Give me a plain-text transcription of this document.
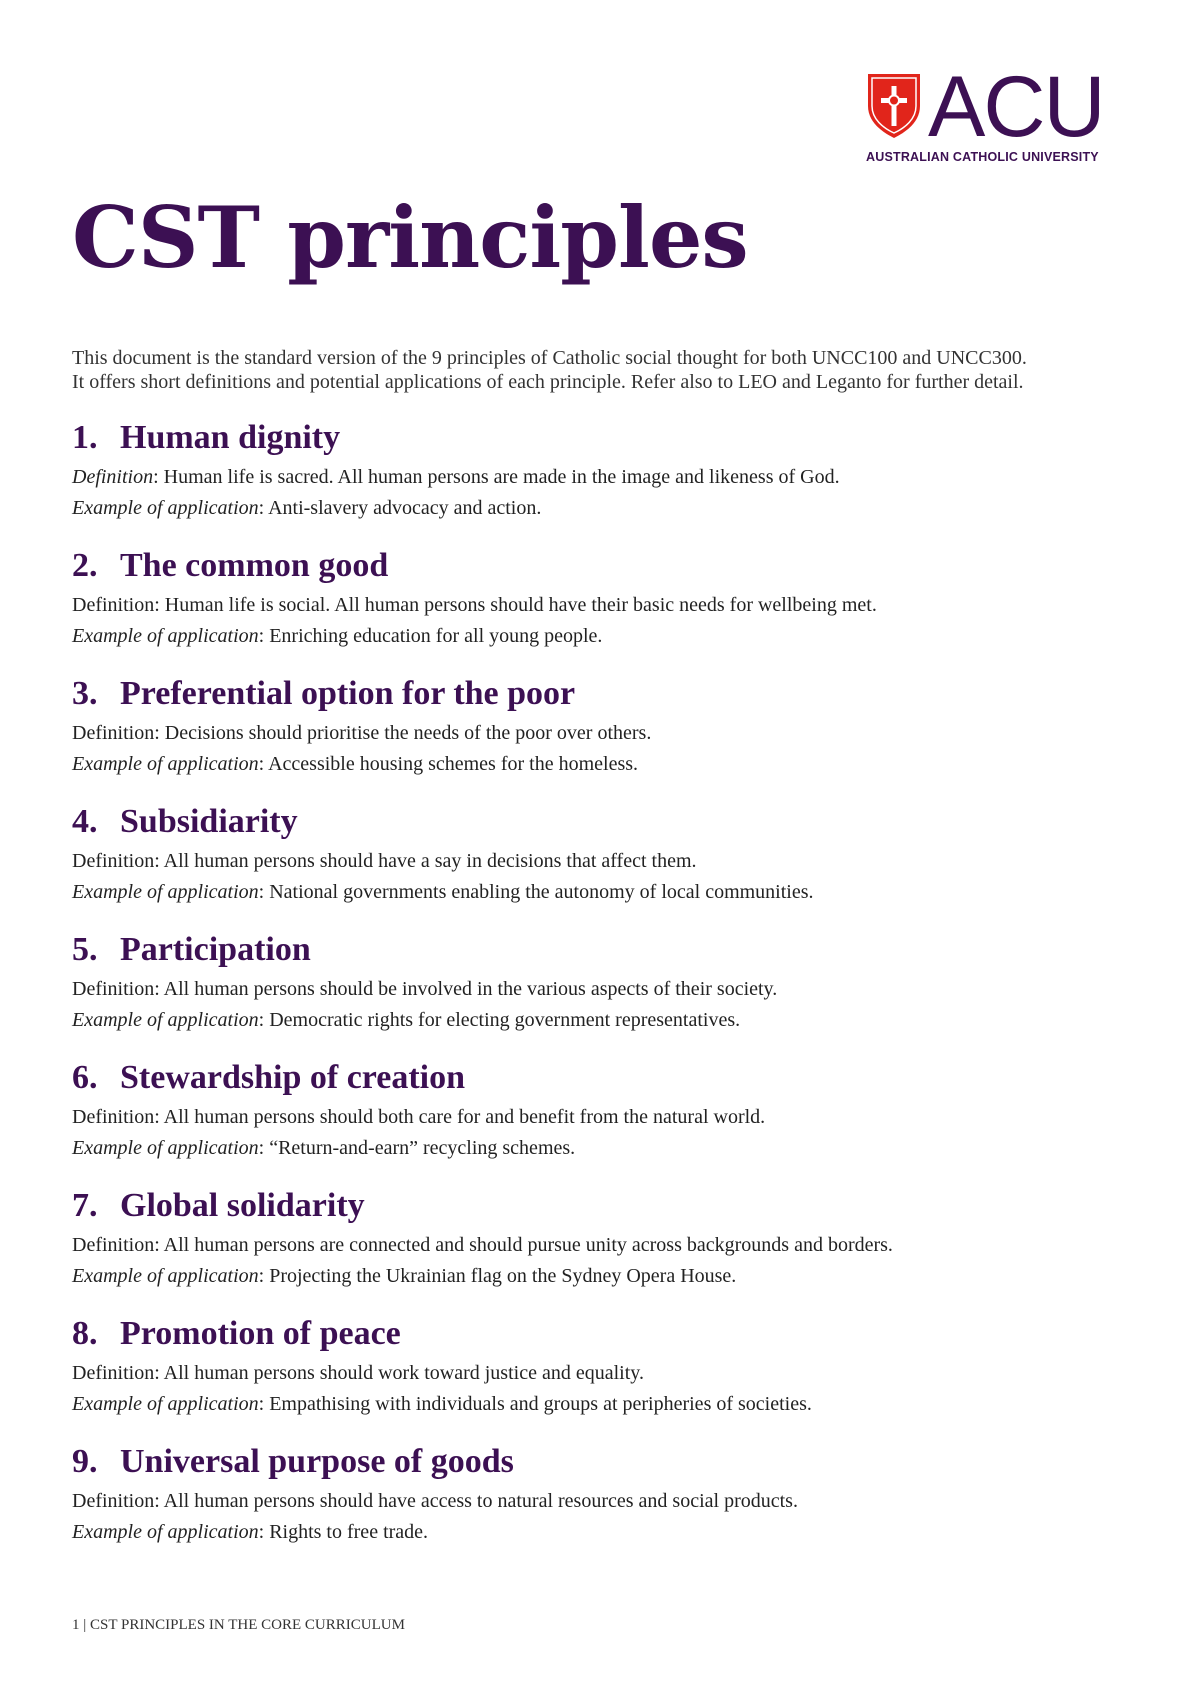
ACU
AUSTRALIAN CATHOLIC UNIVERSITY
CST principles

This document is the standard version of the 9 principles of Catholic social thought for both UNCC100 and UNCC300.

It offers short definitions and potential applications of each principle. Refer also to LEO and Leganto for further detail.

1. Human dignity

Definition: Human life is sacred. All human persons are made in the image and likeness of God.

Example of application: Anti-slavery advocacy and action.

2. The common good

Definition: Human life is social. All human persons should have their basic needs for wellbeing met.

Example of application: Enriching education for all young people.

3. Preferential option for the poor

Definition: Decisions should prioritise the needs of the poor over others.

Example of application: Accessible housing schemes for the homeless.

4. Subsidiarity

Definition: All human persons should have a say in decisions that affect them.

Example of application: National governments enabling the autonomy of local communities.

5. Participation

Definition: All human persons should be involved in the various aspects of their society.

Example of application: Democratic rights for electing government representatives.

6. Stewardship of creation

Definition: All human persons should both care for and benefit from the natural world.

Example of application: “Return-and-earn” recycling schemes.

7. Global solidarity

Definition: All human persons are connected and should pursue unity across backgrounds and borders.

Example of application: Projecting the Ukrainian flag on the Sydney Opera House.

8. Promotion of peace

Definition: All human persons should work toward justice and equality.

Example of application: Empathising with individuals and groups at peripheries of societies.

9. Universal purpose of goods

Definition: All human persons should have access to natural resources and social products.

Example of application: Rights to free trade.

1 | CST PRINCIPLES IN THE CORE CURRICULUM
